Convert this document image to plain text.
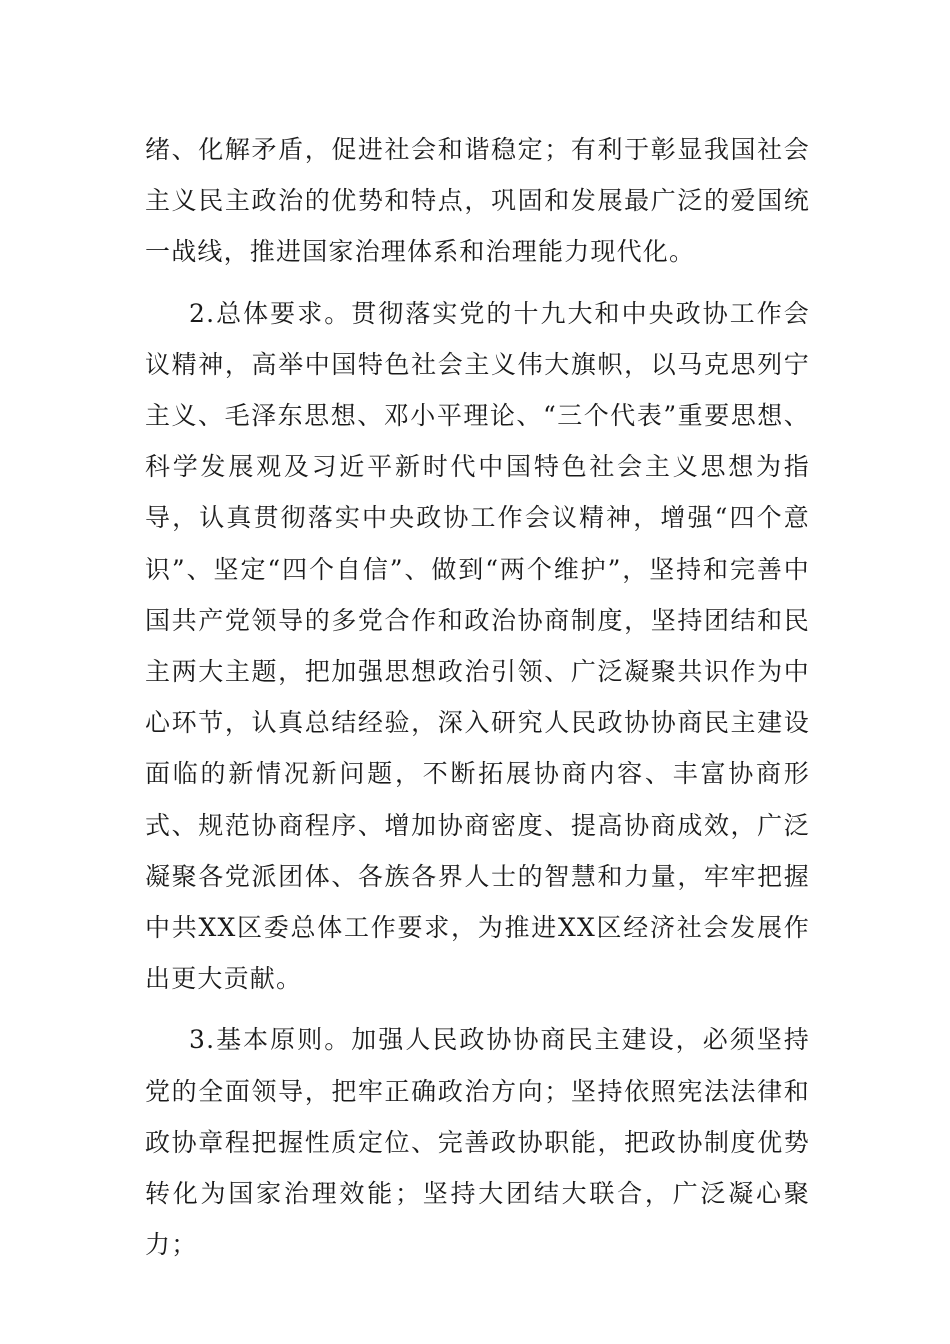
绪、化解矛盾，促进社会和谐稳定；有利于彰显我国社会主义民主政治的优势和特点，巩固和发展最广泛的爱国统一战线，推进国家治理体系和治理能力现代化。

2.总体要求。贯彻落实党的十九大和中央政协工作会议精神，高举中国特色社会主义伟大旗帜，以马克思列宁主义、毛泽东思想、邓小平理论、“三个代表”重要思想、科学发展观及习近平新时代中国特色社会主义思想为指导，认真贯彻落实中央政协工作会议精神，增强“四个意识”、坚定“四个自信”、做到“两个维护”，坚持和完善中国共产党领导的多党合作和政治协商制度，坚持团结和民主两大主题，把加强思想政治引领、广泛凝聚共识作为中心环节，认真总结经验，深入研究人民政协协商民主建设面临的新情况新问题，不断拓展协商内容、丰富协商形式、规范协商程序、增加协商密度、提高协商成效，广泛凝聚各党派团体、各族各界人士的智慧和力量，牢牢把握中共XX区委总体工作要求，为推进XX区经济社会发展作出更大贡献。

3.基本原则。加强人民政协协商民主建设，必须坚持党的全面领导，把牢正确政治方向；坚持依照宪法法律和政协章程把握性质定位、完善政协职能，把政协制度优势转化为国家治理效能；坚持大团结大联合，广泛凝心聚力；
